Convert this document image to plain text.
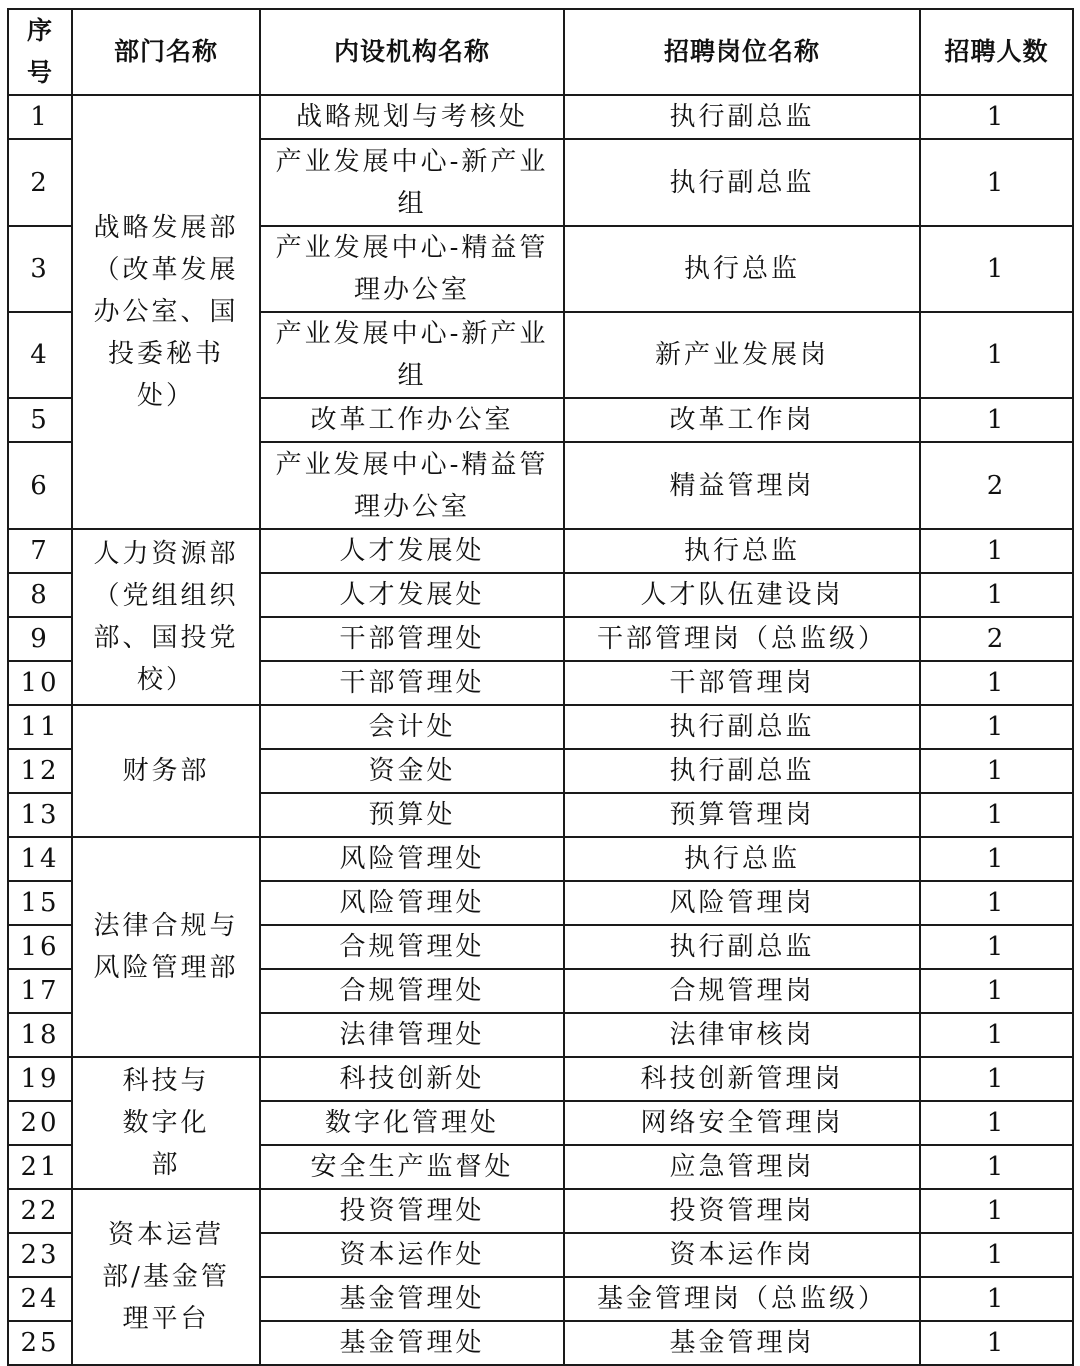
序号	部门名称	内设机构名称	招聘岗位名称	招聘人数
1	战略发展部（改革发展办公室、国投委秘书处）	战略规划与考核处	执行副总监	1
2		产业发展中心-新产业组	执行副总监	1
3		产业发展中心-精益管理办公室	执行总监	1
4		产业发展中心-新产业组	新产业发展岗	1
5		改革工作办公室	改革工作岗	1
6		产业发展中心-精益管理办公室	精益管理岗	2
7	人力资源部（党组组织部、国投党校）	人才发展处	执行总监	1
8		人才发展处	人才队伍建设岗	1
9		干部管理处	干部管理岗（总监级）	2
10		干部管理处	干部管理岗	1
11	财务部	会计处	执行副总监	1
12		资金处	执行副总监	1
13		预算处	预算管理岗	1
14	法律合规与风险管理部	风险管理处	执行总监	1
15		风险管理处	风险管理岗	1
16		合规管理处	执行副总监	1
17		合规管理处	合规管理岗	1
18		法律管理处	法律审核岗	1
19	科技与数字化部	科技创新处	科技创新管理岗	1
20		数字化管理处	网络安全管理岗	1
21		安全生产监督处	应急管理岗	1
22	资本运营部/基金管理平台	投资管理处	投资管理岗	1
23		资本运作处	资本运作岗	1
24		基金管理处	基金管理岗（总监级）	1
25		基金管理处	基金管理岗	1
